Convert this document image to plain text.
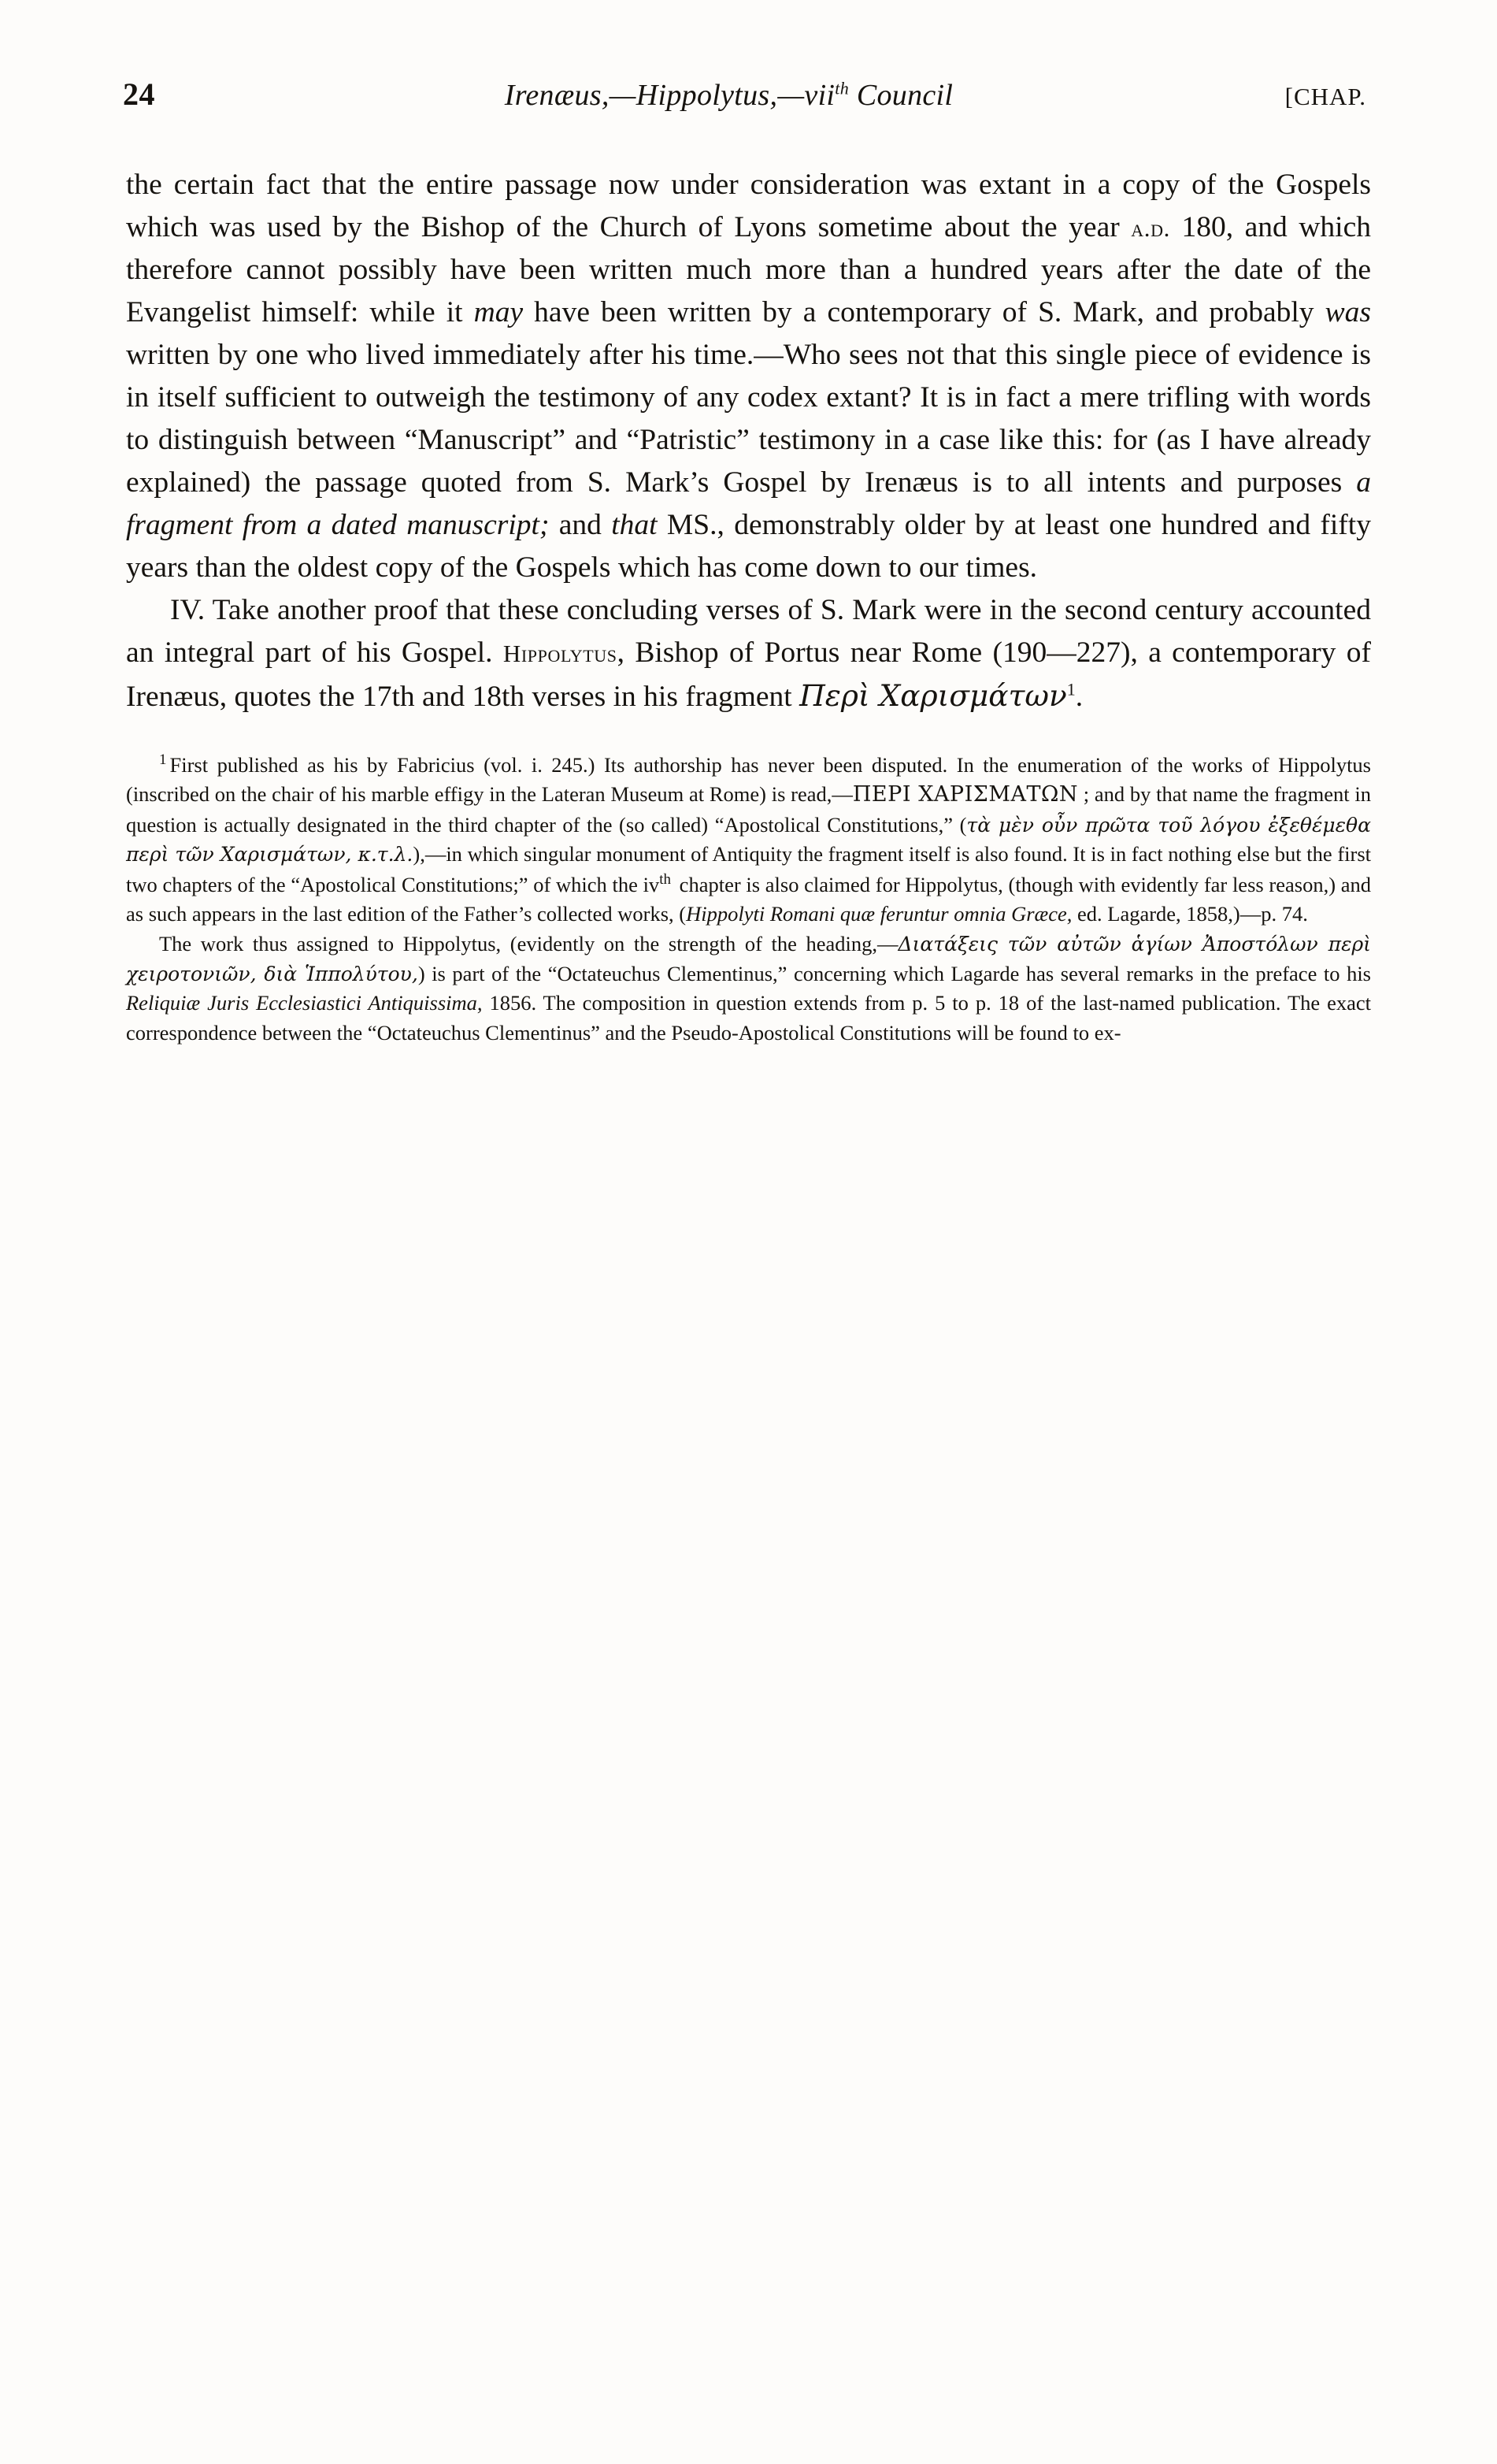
24	Irenæus,—Hippolytus,—vii$^{th}$ Council	[CHAP.

the certain fact that the entire passage now under consideration was extant in a copy of the Gospels which was used by the Bishop of the Church of Lyons sometime about the year a.d. 180, and which therefore cannot possibly have been written much more than a hundred years after the date of the Evangelist himself: while it may have been written by a contemporary of S. Mark, and probably was written by one who lived immediately after his time.—Who sees not that this single piece of evidence is in itself sufficient to outweigh the testimony of any codex extant? It is in fact a mere trifling with words to distinguish between “Manuscript” and “Patristic” testimony in a case like this: for (as I have already explained) the passage quoted from S. Mark’s Gospel by Irenæus is to all intents and purposes a fragment from a dated manuscript; and that MS., demonstrably older by at least one hundred and fifty years than the oldest copy of the Gospels which has come down to our times.

IV. Take another proof that these concluding verses of S. Mark were in the second century accounted an integral part of his Gospel. Hippolytus, Bishop of Portus near Rome (190—227), a contemporary of Irenæus, quotes the 17th and 18th verses in his fragment Περὶ Χαρισμάτων$^1$.

$^1$ First published as his by Fabricius (vol. i. 245.) Its authorship has never been disputed. In the enumeration of the works of Hippolytus (inscribed on the chair of his marble effigy in the Lateran Museum at Rome) is read,—ΠΕΡΙ ΧΑΡΙΣΜΑΤΩΝ ; and by that name the fragment in question is actually designated in the third chapter of the (so called) “Apostolical Constitutions,” (τὰ μὲν οὖν πρῶτα τοῦ λόγου ἐξεθέμεθα περὶ τῶν Χαρισμάτων, κ.τ.λ.),—in which singular monument of Antiquity the fragment itself is also found. It is in fact nothing else but the first two chapters of the “Apostolical Constitutions;” of which the $iv^{th}$ chapter is also claimed for Hippolytus, (though with evidently far less reason,) and as such appears in the last edition of the Father’s collected works, (Hippolyti Romani quæ feruntur omnia Græce, ed. Lagarde, 1858,)—p. 74.

The work thus assigned to Hippolytus, (evidently on the strength of the heading,—Διατάξεις τῶν αὐτῶν ἁγίων Ἀποστόλων περὶ χειροτονιῶν, διὰ Ἱππολύτου,) is part of the “Octateuchus Clementinus,” concerning which Lagarde has several remarks in the preface to his Reliquiæ Juris Ecclesiastici Antiquissima, 1856. The composition in question extends from p. 5 to p. 18 of the last-named publication. The exact correspondence between the “Octateuchus Clementinus” and the Pseudo-Apostolical Constitutions will be found to ex-
